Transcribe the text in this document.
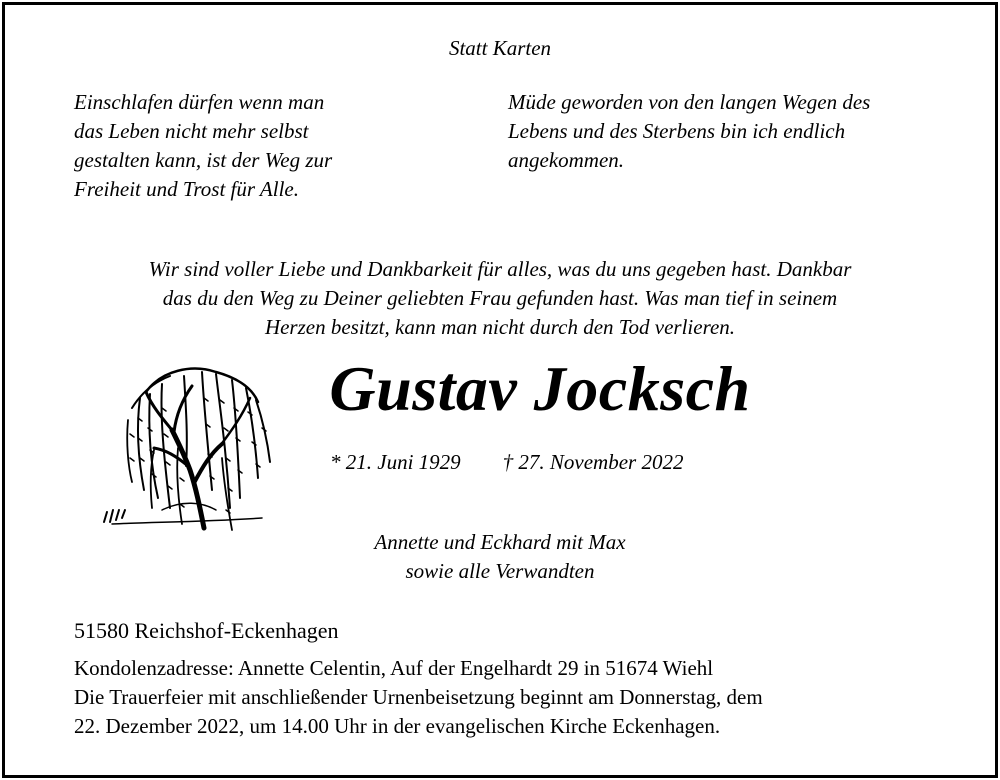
Statt Karten
Einschlafen dürfen wenn man
das Leben nicht mehr selbst
gestalten kann, ist der Weg zur
Freiheit und Trost für Alle.
Müde geworden von den langen Wegen des
Lebens und des Sterbens bin ich endlich
angekommen.
Wir sind voller Liebe und Dankbarkeit für alles, was du uns gegeben hast. Dankbar
das du den Weg zu Deiner geliebten Frau gefunden hast. Was man tief in seinem
Herzen besitzt, kann man nicht durch den Tod verlieren.
Gustav Jocksch
* 21. Juni 1929 † 27. November 2022
Annette und Eckhard mit Max
sowie alle Verwandten
51580 Reichshof-Eckenhagen
Kondolenzadresse: Annette Celentin, Auf der Engelhardt 29 in 51674 Wiehl
Die Trauerfeier mit anschließender Urnenbeisetzung beginnt am Donnerstag, dem
22. Dezember 2022, um 14.00 Uhr in der evangelischen Kirche Eckenhagen.
